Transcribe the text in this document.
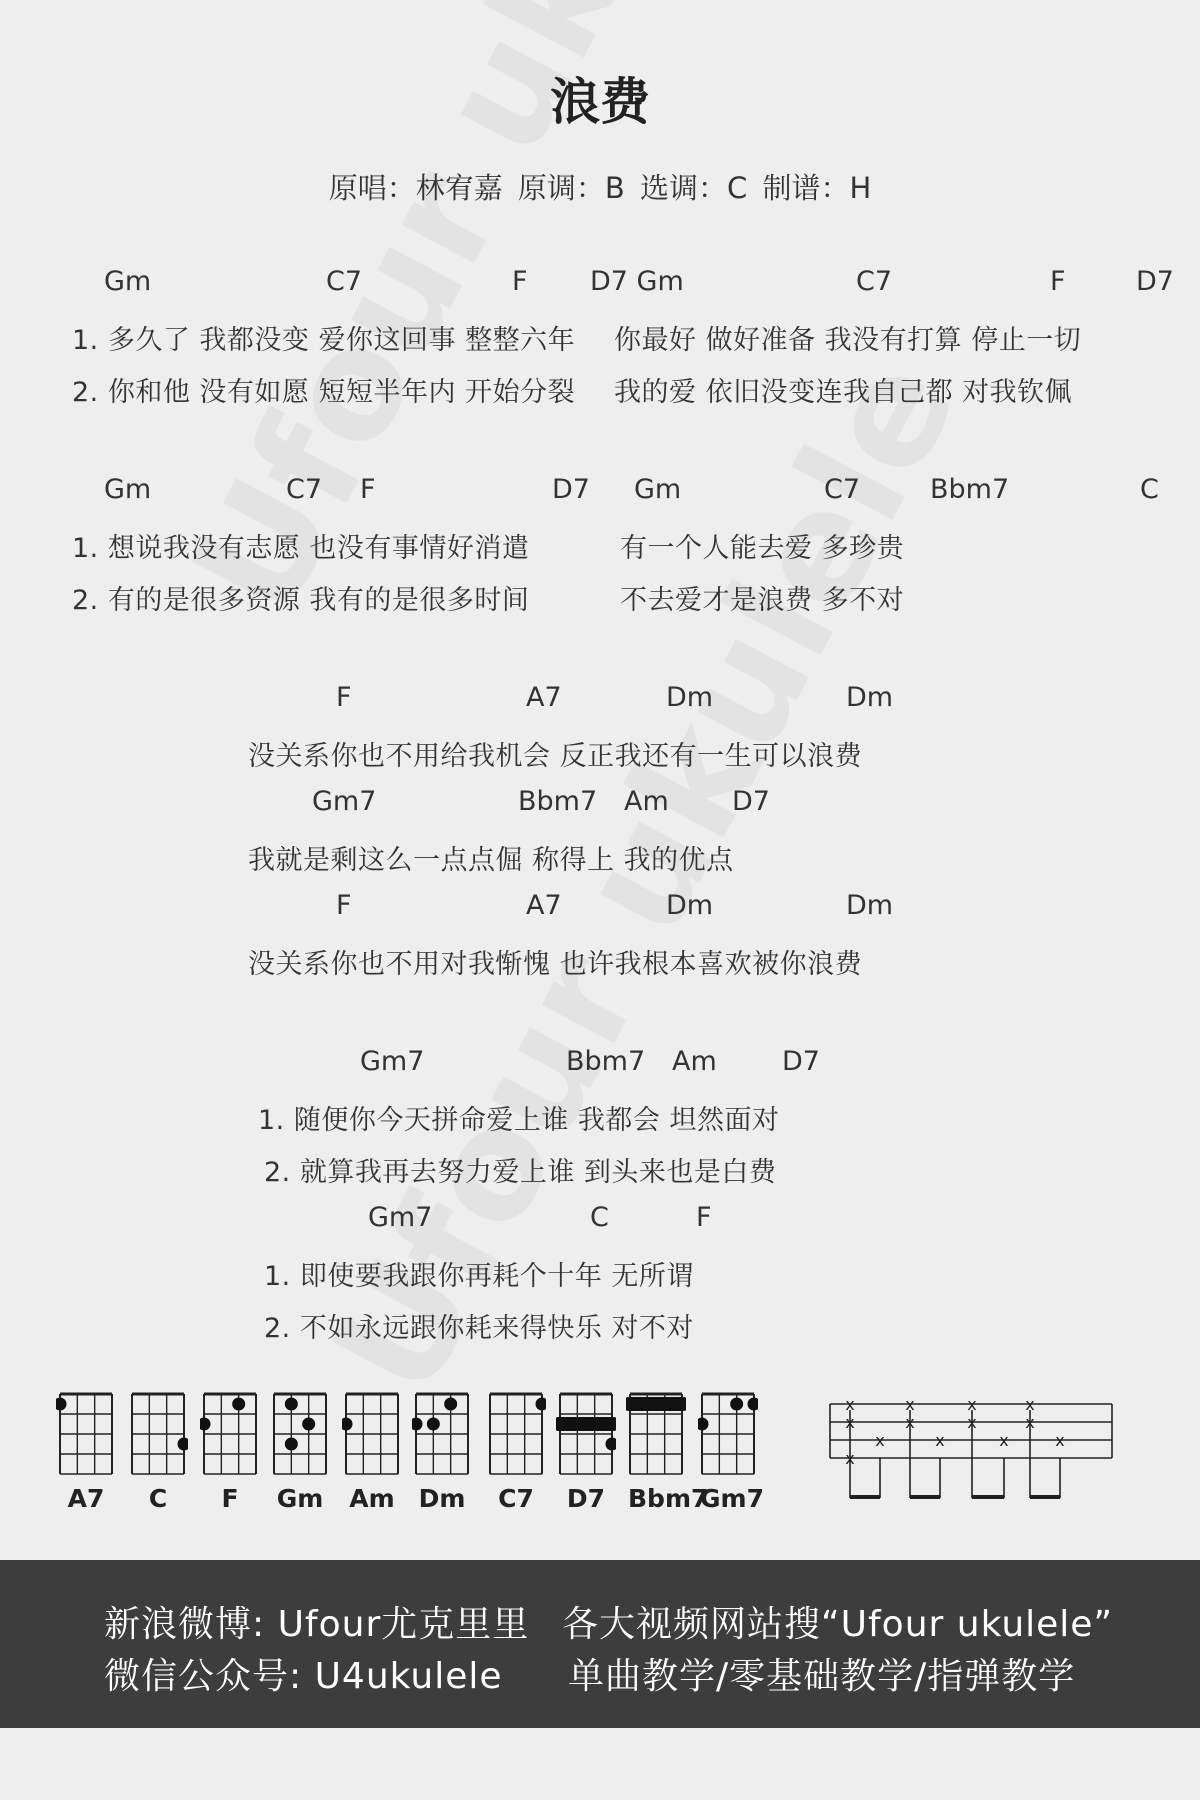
浪费
原唱：林宥嘉 原调：B 选调：C 制谱：H
Gm	C7	F D7 Gm	C7	F	D7
1. 多久了 我都没变 爱你这回事 整整六年 你最好 做好准备 我没有打算 停止一切
2. 你和他 没有如愿 短短半年内 开始分裂 我的爱 依旧没变连我自己都 对我钦佩
Gm	C7 F	D7 Gm	C7	Bbm7	C
1. 想说我没有志愿 也没有事情好消遣	有一个人能去爱 多珍贵
2. 有的是很多资源 我有的是很多时间	不去爱才是浪费 多不对
F	A7	Dm	Dm
没关系你也不用给我机会 反正我还有一生可以浪费
Gm7	Bbm7 Am D7
我就是剩这么一点点倔 称得上 我的优点
F	A7	Dm	Dm
没关系你也不用对我惭愧 也许我根本喜欢被你浪费
Gm7	Bbm7 Am D7
1. 随便你今天拼命爱上谁 我都会 坦然面对
2. 就算我再去努力爱上谁 到头来也是白费
Gm7	C	F
1. 即使要我跟你再耗个十年 无所谓
2. 不如永远跟你耗来得快乐 对不对
A7	C	F	Gm Am Dm	C7	D7 Bbm7
Gm7
x
x
x
x
x
x
x
x
x
x
x
x
x
新浪微博: Ufour尤克里里 各大视频网站搜“Ufour ukulele”
微信公众号: U4ukulele 单曲教学/零基础教学/指弹教学
